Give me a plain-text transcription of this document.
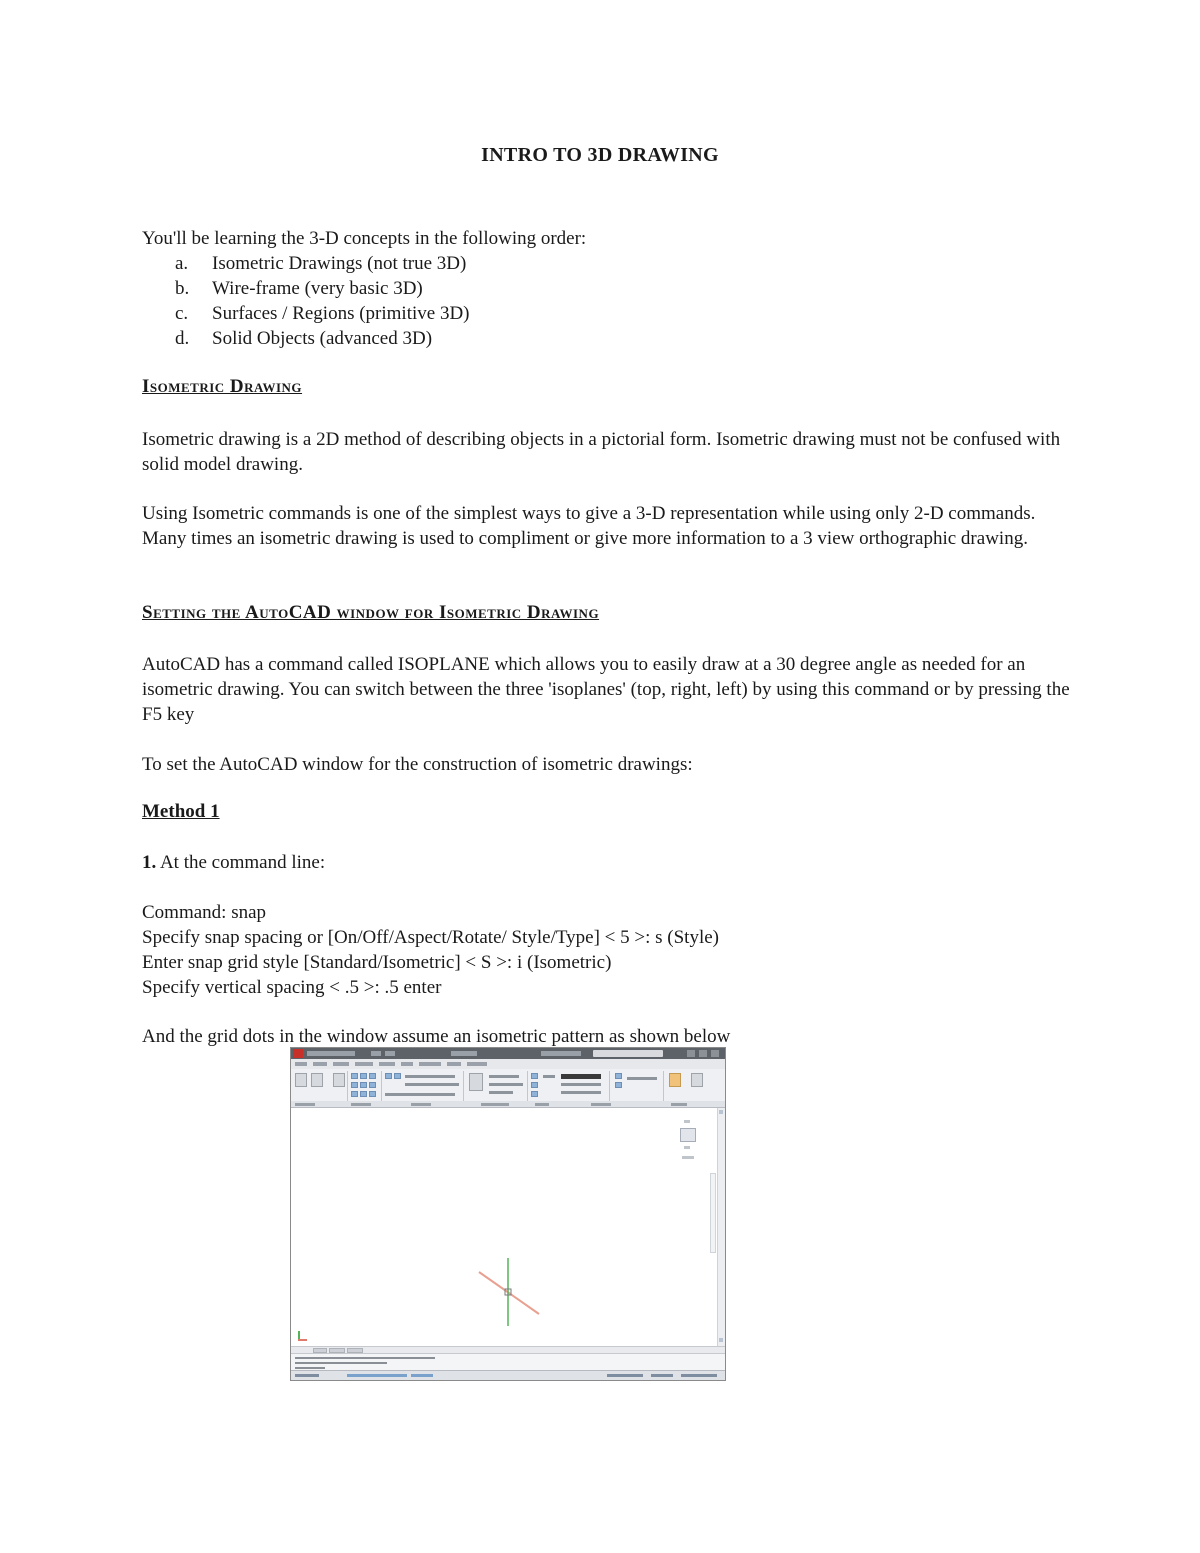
INTRO TO 3D DRAWING

You'll be learning the 3-D concepts in the following order:

a. Isometric Drawings (not true 3D)
b. Wire-frame (very basic 3D)
c. Surfaces / Regions (primitive 3D)
d. Solid Objects (advanced 3D)
Isometric Drawing

Isometric drawing is a 2D method of describing objects in a pictorial form. Isometric drawing must not be confused with solid model drawing.

Using Isometric commands is one of the simplest ways to give a 3-D representation while using only 2-D commands. Many times an isometric drawing is used to compliment or give more information to a 3 view orthographic drawing.

Setting the AutoCAD window for Isometric Drawing

AutoCAD has a command called ISOPLANE which allows you to easily draw at a 30 degree angle as needed for an isometric drawing. You can switch between the three 'isoplanes' (top, right, left) by using this command or by pressing the F5 key

To set the AutoCAD window for the construction of isometric drawings:

Method 1
1. At the command line:
Command: snap
Specify snap spacing or [On/Off/Aspect/Rotate/ Style/Type] < 5 >: s (Style)
Enter snap grid style [Standard/Isometric] < S >: i (Isometric)
Specify vertical spacing < .5 >: .5 enter
And the grid dots in the window assume an isometric pattern as shown below
